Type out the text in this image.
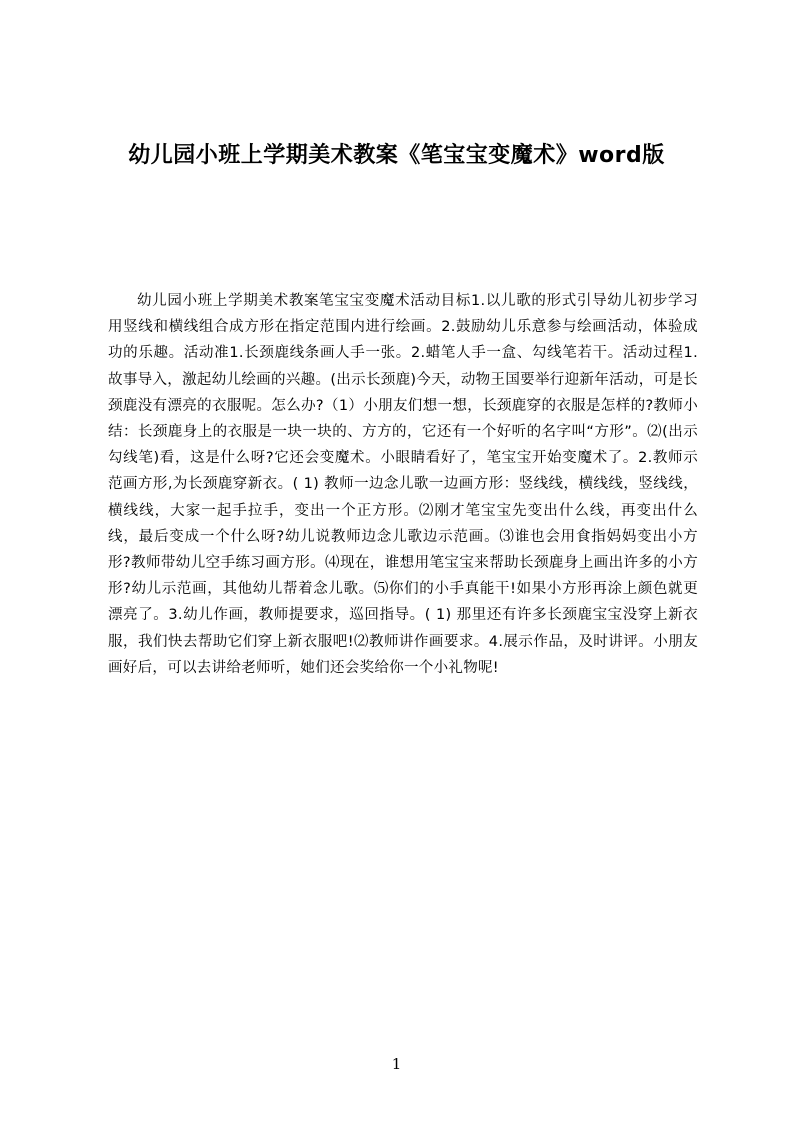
幼儿园小班上学期美术教案《笔宝宝变魔术》word版

幼儿园小班上学期美术教案笔宝宝变魔术活动目标1.以儿歌的形式引导幼儿初步学习用竖线和横线组合成方形在指定范围内进行绘画。2.鼓励幼儿乐意参与绘画活动，体验成功的乐趣。活动准1.长颈鹿线条画人手一张。2.蜡笔人手一盒、勾线笔若干。活动过程1.故事导入，激起幼儿绘画的兴趣。(出示长颈鹿)今天，动物王国要举行迎新年活动，可是长颈鹿没有漂亮的衣服呢。怎么办?（1）小朋友们想一想，长颈鹿穿的衣服是怎样的?教师小结：长颈鹿身上的衣服是一块一块的、方方的，它还有一个好听的名字叫“方形”。⑵(出示勾线笔)看，这是什么呀?它还会变魔术。小眼睛看好了，笔宝宝开始变魔术了。2.教师示范画方形,为长颈鹿穿新衣。( 1) 教师一边念儿歌一边画方形：竖线线，横线线，竖线线，横线线，大家一起手拉手，变出一个正方形。⑵刚才笔宝宝先变出什么线，再变出什么线，最后变成一个什么呀?幼儿说教师边念儿歌边示范画。⑶谁也会用食指妈妈变出小方形?教师带幼儿空手练习画方形。⑷现在，谁想用笔宝宝来帮助长颈鹿身上画出许多的小方形?幼儿示范画，其他幼儿帮着念儿歌。⑸你们的小手真能干!如果小方形再涂上颜色就更漂亮了。3.幼儿作画，教师提要求，巡回指导。( 1) 那里还有许多长颈鹿宝宝没穿上新衣服，我们快去帮助它们穿上新衣服吧!⑵教师讲作画要求。4.展示作品，及时讲评。小朋友画好后，可以去讲给老师听，她们还会奖给你一个小礼物呢!

1
